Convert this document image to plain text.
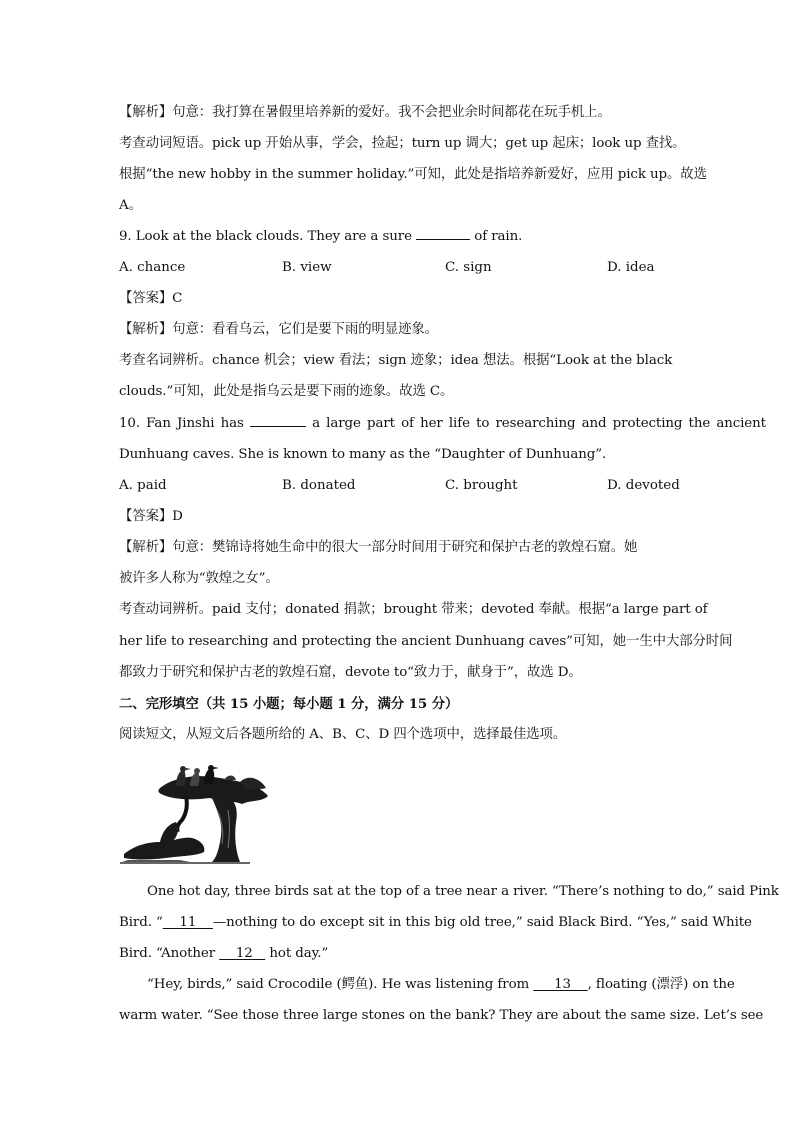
【解析】句意：我打算在暑假里培养新的爱好。我不会把业余时间都花在玩手机上。
考查动词短语。pick up 开始从事，学会，捡起；turn up 调大；get up 起床；look up 查找。
根据“the new hobby in the summer holiday.”可知，此处是指培养新爱好，应用 pick up。故选
A。
9. Look at the black clouds. They are a sure	of rain.
A. chance	B. view	C. sign	D. idea
【答案】C
【解析】句意：看看乌云，它们是要下雨的明显迹象。
考查名词辨析。chance 机会；view 看法；sign 迹象；idea 想法。根据“Look at the black
clouds.”可知，此处是指乌云是要下雨的迹象。故选 C。
10. Fan Jinshi has	a large part of her life to researching and protecting the ancient
Dunhuang caves. She is known to many as the “Daughter of Dunhuang”.
A. paid	B. donated	C. brought	D. devoted
【答案】D
【解析】句意：樊锦诗将她生命中的很大一部分时间用于研究和保护古老的敦煌石窟。她
被许多人称为“敦煌之女”。
考查动词辨析。paid 支付；donated 捐款；brought 带来；devoted 奉献。根据“a large part of
her life to researching and protecting the ancient Dunhuang caves”可知，她一生中大部分时间
都致力于研究和保护古老的敦煌石窟，devote to“致力于，献身于”，故选 D。
二、完形填空（共 15 小题；每小题 1 分，满分 15 分）
阅读短文，从短文后各题所给的 A、B、C、D 四个选项中，选择最佳选项。
One hot day, three birds sat at the top of a tree near a river. “There’s nothing to do,” said Pink
Bird. “ 11 —nothing to do except sit in this big old tree,” said Black Bird. “Yes,” said White
Bird. “Another 12 hot day.”
“Hey, birds,” said Crocodile (鳄鱼). He was listening from 13 , floating (漂浮) on the
warm water. “See those three large stones on the bank? They are about the same size. Let’s see
